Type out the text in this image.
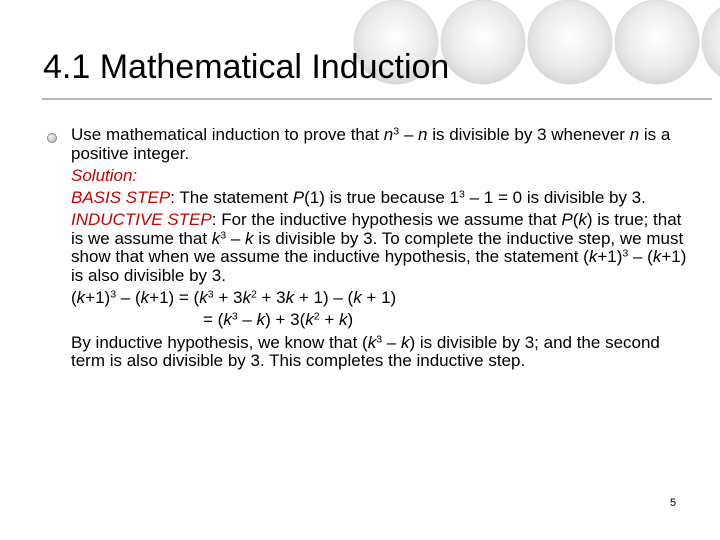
4.1 Mathematical Induction

Use mathematical induction to prove that $n^3$ – n is divisible by 3 whenever n is a positive integer.

Solution:

BASIS STEP: The statement P(1) is true because $1^3 - 1 = 0$ is divisible by 3.

INDUCTIVE STEP: For the inductive hypothesis we assume that P(k) is true; that is we assume that $k^3$ – k is divisible by 3. To complete the inductive step, we must show that when we assume the inductive hypothesis, the statement $(k+1)^3 - (k+1)$ is also divisible by 3.

$(k+1)^3 - (k+1) = (k^3 + 3k^2 + 3k + 1) - (k + 1)$

= $(k^3 - k) + 3(k^2 + k)$

By inductive hypothesis, we know that $(k^3 - k)$ is divisible by 3; and the second term is also divisible by 3. This completes the inductive step.

5
